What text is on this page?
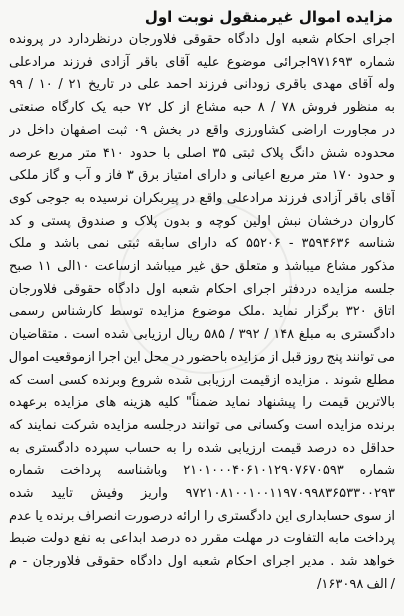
مزایده اموال غیرمنقول نوبت اول
اجرای احکام شعبه اول دادگاه حقوقی فلاورجان درنظردارد در پرونده
شماره ۹۷۱۶۹۳اجرائی موضوع علیه آقای باقر آزادی فرزند مرادعلی
وله آقای مهدی باقری زودانی فرزند احمد علی در تاریخ ۲۱ / ۱۰ / ۹۹
به منظور فروش ۷۸ / ۸ حبه مشاع از کل ۷۲ حبه یک کارگاه صنعتی
در مجاورت اراضی کشاورزی واقع در بخش ۰۹ ثبت اصفهان داخل در
محدوده شش دانگ پلاک ثبتی ۳۵ اصلی با حدود ۴۱۰ متر مربع عرصه
و حدود ۱۷۰ متر مربع اعیانی و دارای امتیاز برق ۳ فاز و آب و گاز ملکی
آقای باقر آزادی فرزند مرادعلی واقع در پیربکران نرسیده به جوجی کوی
کاروان درخشان نبش اولین کوچه و بدون پلاک و صندوق پستی و کد
شناسه ۳۵۹۴۶۳۶ - ۵۵۲۰۶ که دارای سابقه ثبتی نمی باشد و ملک
مذکور مشاع میباشد و متعلق حق غیر میباشد ازساعت ۱۰الی ۱۱ صبح
جلسه مزایده دردفتر اجرای احکام شعبه اول دادگاه حقوقی فلاورجان
اتاق ۳۲۰ برگزار نماید .ملک موضوع مزایده توسط کارشناس رسمی
دادگستری به مبلغ ۱۴۸ / ۳۹۲ / ۵۸۵ ریال ارزیابی شده است . متقاضیان
می توانند پنج روز قبل از مزایده باحضور در محل این اجرا ازموقعیت اموال
مطلع شوند . مزایده ازقیمت ارزیابی شده شروع وبرنده کسی است که
بالاترین قیمت را پیشنهاد نماید ضمناً" کلیه هزینه های مزایده برعهده
برنده مزایده است وکسانی می توانند درجلسه مزایده شرکت نمایند که
حداقل ده درصد قیمت ارزیابی شده را به حساب سپرده دادگستری به
شماره ۲۱۰۱۰۰۰۴۰۶۱۰۱۲۹۰۷۶۷۰۵۹۳ وباشناسه پرداخت شماره
۹۷۲۱۰۸۱۰۰۱۰۰۱۱۹۷۰۹۹۸۳۶۵۳۳۰۰۲۹۳ واریز وفیش تایید شده
از سوی حسابداری این دادگستری را ارائه درصورت انصراف برنده یا عدم
پرداخت مابه التفاوت در مهلت مقرر ده درصد ابداعی به نفع دولت ضبط
خواهد شد . مدیر اجرای احکام شعبه اول دادگاه حقوقی فلاورجان - م
/ الف ۱۶۳۰۹۸/
